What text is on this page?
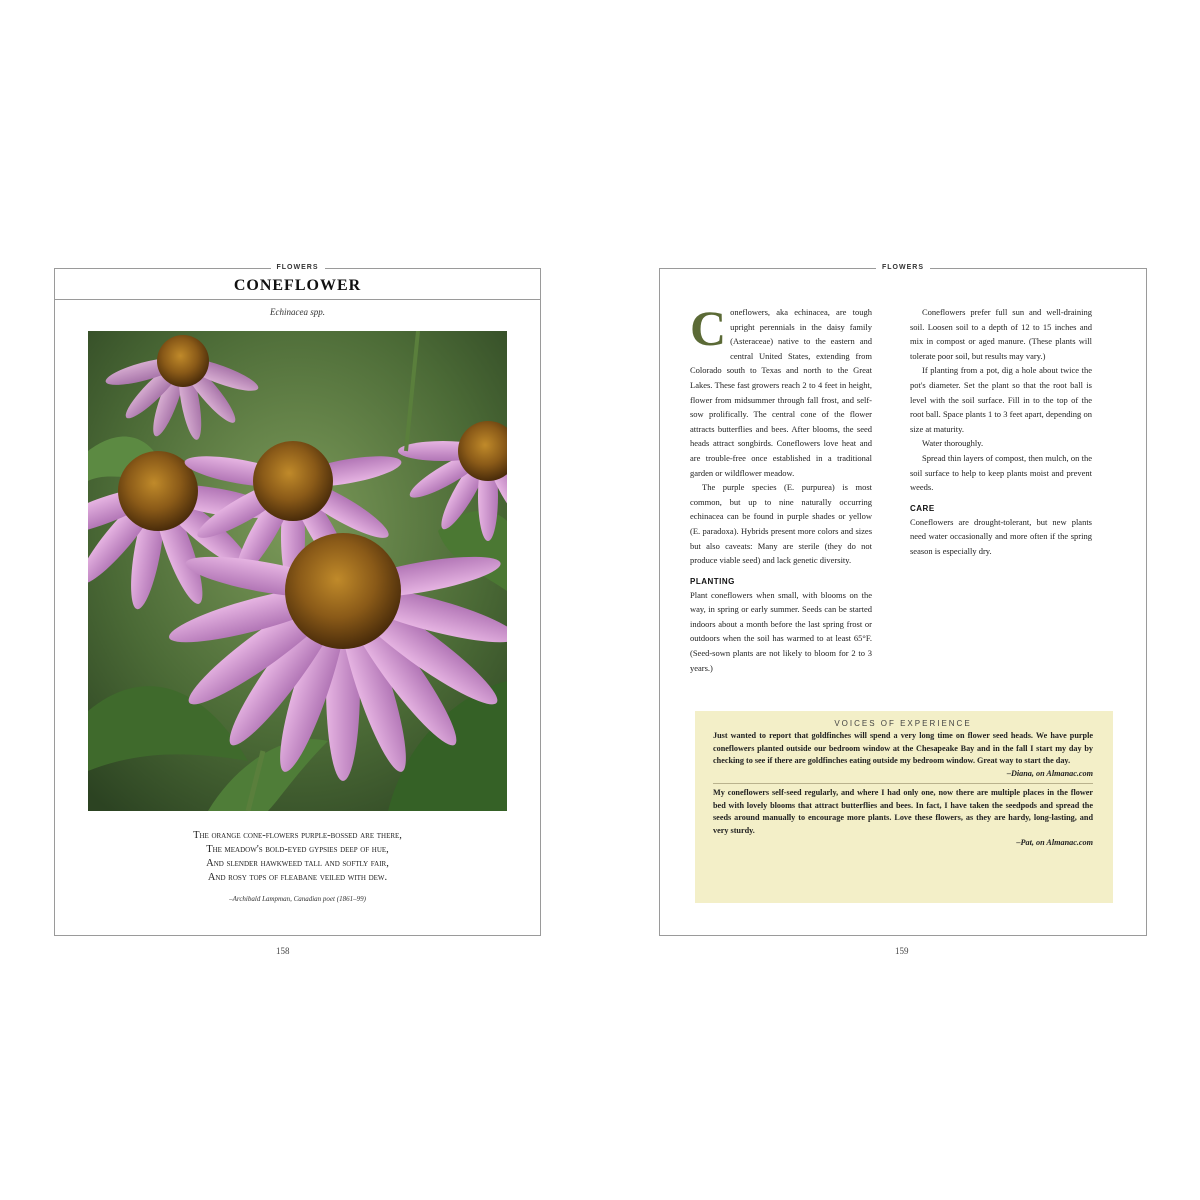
FLOWERS
CONEFLOWER
Echinacea spp.
The orange cone-flowers purple-bossed are there,
The meadow's bold-eyed gypsies deep of hue,
And slender hawkweed tall and softly fair,
And rosy tops of fleabane veiled with dew.
–Archibald Lampman, Canadian poet (1861–99)
158
FLOWERS

Coneflowers, aka echinacea, are tough upright perennials in the daisy family (Asteraceae) native to the eastern and central United States, extending from Colorado south to Texas and north to the Great Lakes. These fast growers reach 2 to 4 feet in height, flower from midsummer through fall frost, and self-sow prolifically. The central cone of the flower attracts butterflies and bees. After blooms, the seed heads attract songbirds. Coneflowers love heat and are trouble-free once established in a traditional garden or wildflower meadow.

The purple species (E. purpurea) is most common, but up to nine naturally occurring echinacea can be found in purple shades or yellow (E. paradoxa). Hybrids present more colors and sizes but also caveats: Many are sterile (they do not produce viable seed) and lack genetic diversity.

PLANTING

Plant coneflowers when small, with blooms on the way, in spring or early summer. Seeds can be started indoors about a month before the last spring frost or outdoors when the soil has warmed to at least 65°F. (Seed-sown plants are not likely to bloom for 2 to 3 years.)

Coneflowers prefer full sun and well-draining soil. Loosen soil to a depth of 12 to 15 inches and mix in compost or aged manure. (These plants will tolerate poor soil, but results may vary.)

If planting from a pot, dig a hole about twice the pot's diameter. Set the plant so that the root ball is level with the soil surface. Fill in to the top of the root ball. Space plants 1 to 3 feet apart, depending on size at maturity.

Water thoroughly.

Spread thin layers of compost, then mulch, on the soil surface to help to keep plants moist and prevent weeds.

CARE

Coneflowers are drought-tolerant, but new plants need water occasionally and more often if the spring season is especially dry.

VOICES OF EXPERIENCE

Just wanted to report that goldfinches will spend a very long time on flower seed heads. We have purple coneflowers planted outside our bedroom window at the Chesapeake Bay and in the fall I start my day by checking to see if there are goldfinches eating outside my bedroom window. Great way to start the day.

–Diana, on Almanac.com

My coneflowers self-seed regularly, and where I had only one, now there are multiple places in the flower bed with lovely blooms that attract butterflies and bees. In fact, I have taken the seedpods and spread the seeds around manually to encourage more plants. Love these flowers, as they are hardy, long-lasting, and very sturdy.

–Pat, on Almanac.com

159
